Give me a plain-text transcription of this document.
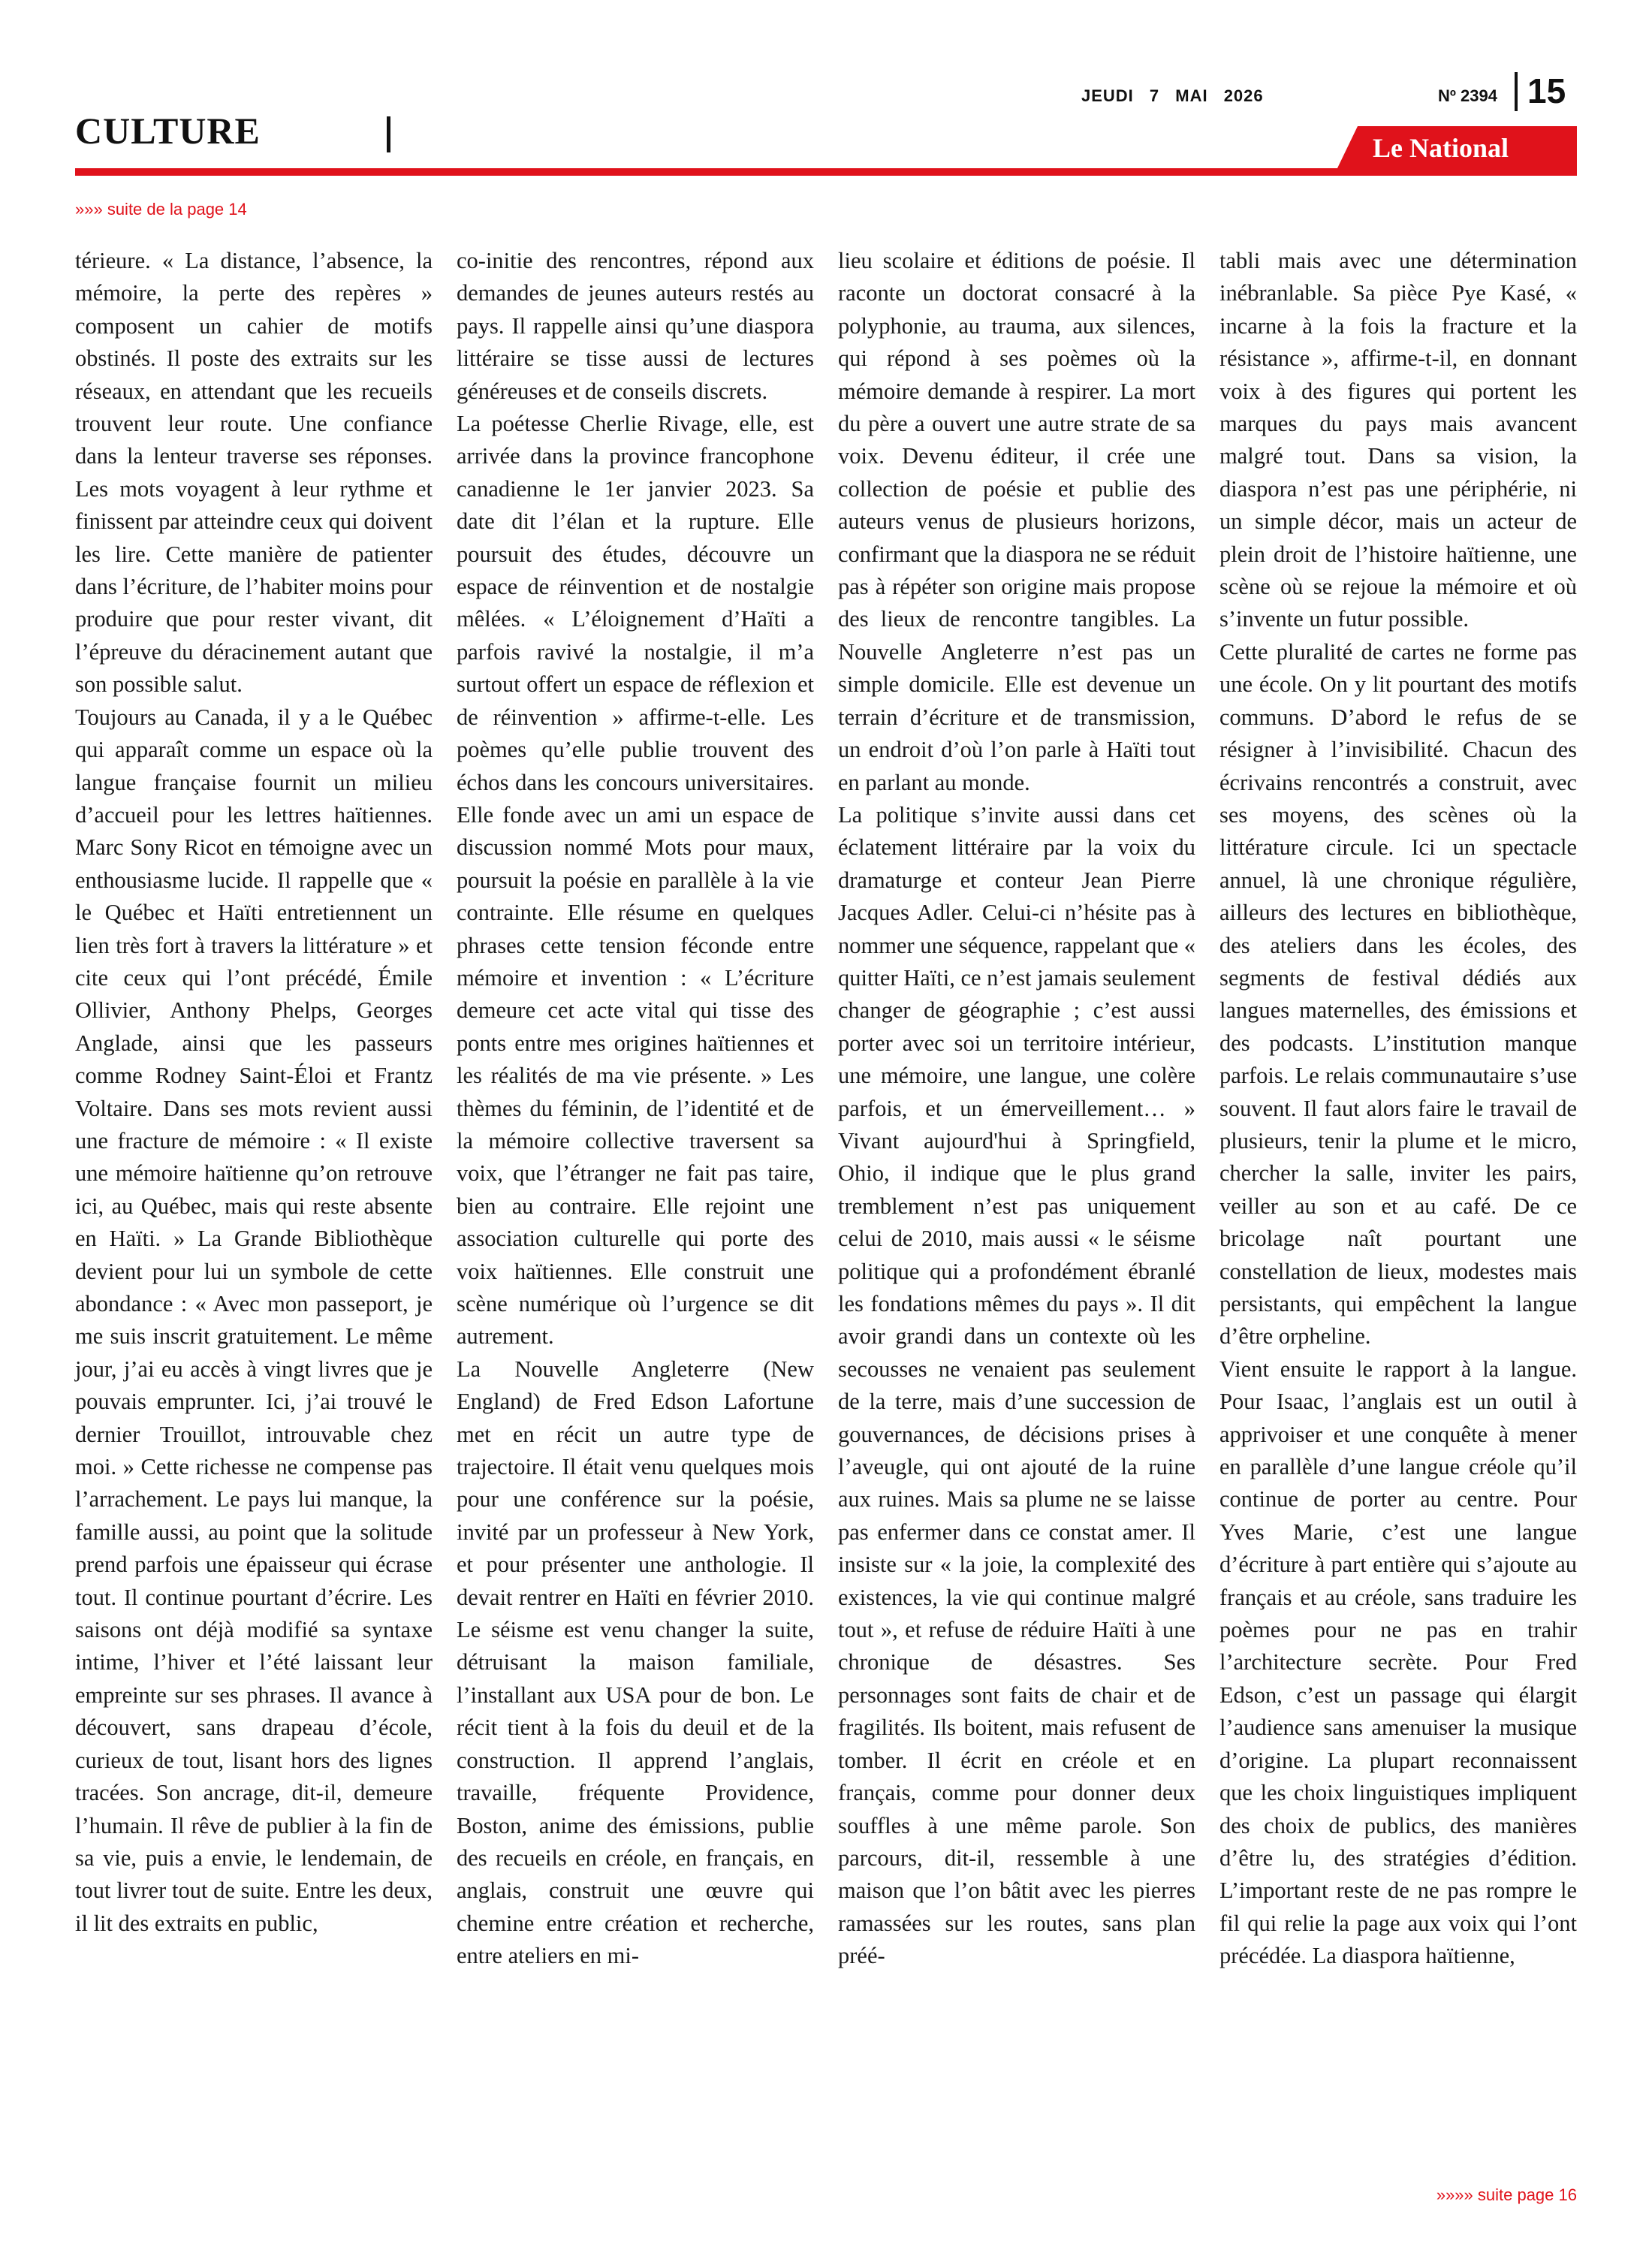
CULTURE
JEUDI 7 MAI 2026	Nº 2394 15
Le National
»»» suite de la page 14

térieure. « La distance, l’absence, la mémoire, la perte des repères » composent un cahier de motifs obstinés. Il poste des extraits sur les réseaux, en attendant que les recueils trouvent leur route. Une confiance dans la lenteur traverse ses réponses. Les mots voyagent à leur rythme et finissent par atteindre ceux qui doivent les lire. Cette manière de patienter dans l’écriture, de l’habiter moins pour produire que pour rester vivant, dit l’épreuve du déracinement autant que son possible salut.

Toujours au Canada, il y a le Québec qui apparaît comme un espace où la langue française fournit un milieu d’accueil pour les lettres haïtiennes. Marc Sony Ricot en témoigne avec un enthousiasme lucide. Il rappelle que « le Québec et Haïti entretiennent un lien très fort à travers la littérature » et cite ceux qui l’ont précédé, Émile Ollivier, Anthony Phelps, Georges Anglade, ainsi que les passeurs comme Rodney Saint-Éloi et Frantz Voltaire. Dans ses mots revient aussi une fracture de mémoire : « Il existe une mémoire haïtienne qu’on retrouve ici, au Québec, mais qui reste absente en Haïti. » La Grande Bibliothèque devient pour lui un symbole de cette abondance : « Avec mon passeport, je me suis inscrit gratuitement. Le même jour, j’ai eu accès à vingt livres que je pouvais emprunter. Ici, j’ai trouvé le dernier Trouillot, introuvable chez moi. » Cette richesse ne compense pas l’arrachement. Le pays lui manque, la famille aussi, au point que la solitude prend parfois une épaisseur qui écrase tout. Il continue pourtant d’écrire. Les saisons ont déjà modifié sa syntaxe intime, l’hiver et l’été laissant leur empreinte sur ses phrases. Il avance à découvert, sans drapeau d’école, curieux de tout, lisant hors des lignes tracées. Son ancrage, dit-il, demeure l’humain. Il rêve de publier à la fin de sa vie, puis a envie, le lendemain, de tout livrer tout de suite. Entre les deux, il lit des extraits en public,

co-initie des rencontres, répond aux demandes de jeunes auteurs restés au pays. Il rappelle ainsi qu’une diaspora littéraire se tisse aussi de lectures généreuses et de conseils discrets.

La poétesse Cherlie Rivage, elle, est arrivée dans la province francophone canadienne le 1er janvier 2023. Sa date dit l’élan et la rupture. Elle poursuit des études, découvre un espace de réinvention et de nostalgie mêlées. « L’éloignement d’Haïti a parfois ravivé la nostalgie, il m’a surtout offert un espace de réflexion et de réinvention » affirme-t-elle. Les poèmes qu’elle publie trouvent des échos dans les concours universitaires. Elle fonde avec un ami un espace de discussion nommé Mots pour maux, poursuit la poésie en parallèle à la vie contrainte. Elle résume en quelques phrases cette tension féconde entre mémoire et invention : « L’écriture demeure cet acte vital qui tisse des ponts entre mes origines haïtiennes et les réalités de ma vie présente. » Les thèmes du féminin, de l’identité et de la mémoire collective traversent sa voix, que l’étranger ne fait pas taire, bien au contraire. Elle rejoint une association culturelle qui porte des voix haïtiennes. Elle construit une scène numérique où l’urgence se dit autrement.

La Nouvelle Angleterre (New England) de Fred Edson Lafortune met en récit un autre type de trajectoire. Il était venu quelques mois pour une conférence sur la poésie, invité par un professeur à New York, et pour présenter une anthologie. Il devait rentrer en Haïti en février 2010. Le séisme est venu changer la suite, détruisant la maison familiale, l’installant aux USA pour de bon. Le récit tient à la fois du deuil et de la construction. Il apprend l’anglais, travaille, fréquente Providence, Boston, anime des émissions, publie des recueils en créole, en français, en anglais, construit une œuvre qui chemine entre création et recherche, entre ateliers en mi-

lieu scolaire et éditions de poésie. Il raconte un doctorat consacré à la polyphonie, au trauma, aux silences, qui répond à ses poèmes où la mémoire demande à respirer. La mort du père a ouvert une autre strate de sa voix. Devenu éditeur, il crée une collection de poésie et publie des auteurs venus de plusieurs horizons, confirmant que la diaspora ne se réduit pas à répéter son origine mais propose des lieux de rencontre tangibles. La Nouvelle Angleterre n’est pas un simple domicile. Elle est devenue un terrain d’écriture et de transmission, un endroit d’où l’on parle à Haïti tout en parlant au monde.

La politique s’invite aussi dans cet éclatement littéraire par la voix du dramaturge et conteur Jean Pierre Jacques Adler. Celui-ci n’hésite pas à nommer une séquence, rappelant que « quitter Haïti, ce n’est jamais seulement changer de géographie ; c’est aussi porter avec soi un territoire intérieur, une mémoire, une langue, une colère parfois, et un émerveillement… » Vivant aujourd'hui à Springfield, Ohio, il indique que le plus grand tremblement n’est pas uniquement celui de 2010, mais aussi « le séisme politique qui a profondément ébranlé les fondations mêmes du pays ». Il dit avoir grandi dans un contexte où les secousses ne venaient pas seulement de la terre, mais d’une succession de gouvernances, de décisions prises à l’aveugle, qui ont ajouté de la ruine aux ruines. Mais sa plume ne se laisse pas enfermer dans ce constat amer. Il insiste sur « la joie, la complexité des existences, la vie qui continue malgré tout », et refuse de réduire Haïti à une chronique de désastres. Ses personnages sont faits de chair et de fragilités. Ils boitent, mais refusent de tomber. Il écrit en créole et en français, comme pour donner deux souffles à une même parole. Son parcours, dit-il, ressemble à une maison que l’on bâtit avec les pierres ramassées sur les routes, sans plan préé-

tabli mais avec une détermination inébranlable. Sa pièce Pye Kasé, « incarne à la fois la fracture et la résistance », affirme-t-il, en donnant voix à des figures qui portent les marques du pays mais avancent malgré tout. Dans sa vision, la diaspora n’est pas une périphérie, ni un simple décor, mais un acteur de plein droit de l’histoire haïtienne, une scène où se rejoue la mémoire et où s’invente un futur possible.

Cette pluralité de cartes ne forme pas une école. On y lit pourtant des motifs communs. D’abord le refus de se résigner à l’invisibilité. Chacun des écrivains rencontrés a construit, avec ses moyens, des scènes où la littérature circule. Ici un spectacle annuel, là une chronique régulière, ailleurs des lectures en bibliothèque, des ateliers dans les écoles, des segments de festival dédiés aux langues maternelles, des émissions et des podcasts. L’institution manque parfois. Le relais communautaire s’use souvent. Il faut alors faire le travail de plusieurs, tenir la plume et le micro, chercher la salle, inviter les pairs, veiller au son et au café. De ce bricolage naît pourtant une constellation de lieux, modestes mais persistants, qui empêchent la langue d’être orpheline.

Vient ensuite le rapport à la langue. Pour Isaac, l’anglais est un outil à apprivoiser et une conquête à mener en parallèle d’une langue créole qu’il continue de porter au centre. Pour Yves Marie, c’est une langue d’écriture à part entière qui s’ajoute au français et au créole, sans traduire les poèmes pour ne pas en trahir l’architecture secrète. Pour Fred Edson, c’est un passage qui élargit l’audience sans amenuiser la musique d’origine. La plupart reconnaissent que les choix linguistiques impliquent des choix de publics, des manières d’être lu, des stratégies d’édition. L’important reste de ne pas rompre le fil qui relie la page aux voix qui l’ont précédée. La diaspora haïtienne,

»»»» suite page 16
